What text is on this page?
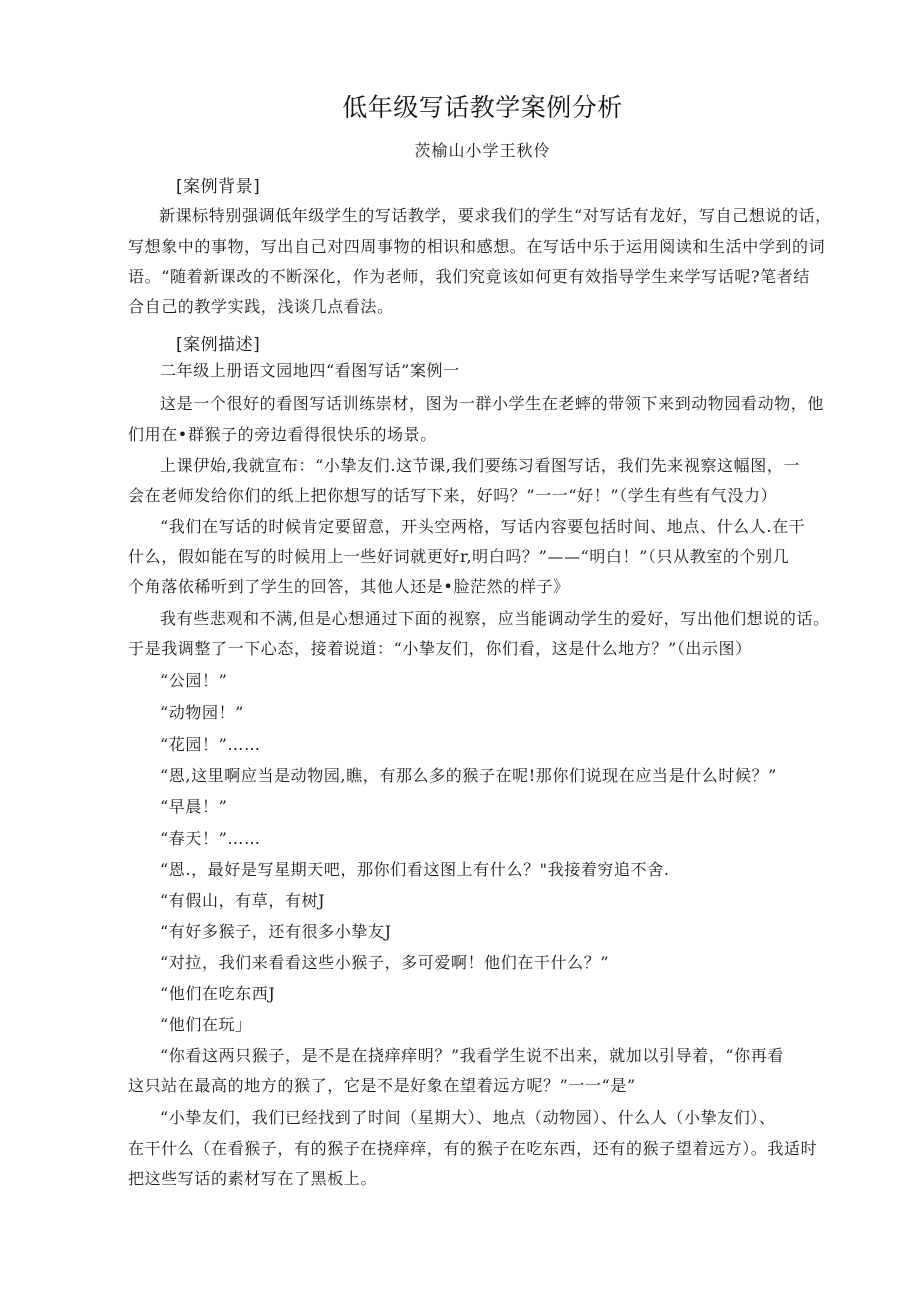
低年级写话教学案例分析
茨榆山小学王秋伶
[案例背景]
新课标特别强调低年级学生的写话教学，要求我们的学生“对写话有龙好，写自己想说的话，
写想象中的事物，写出自己对四周事物的相识和感想。在写话中乐于运用阅读和生活中学到的词
语。“随着新课改的不断深化，作为老师，我们究竟该如何更有效指导学生来学写话呢?笔者结
合自己的教学实践，浅谈几点看法。
[案例描述]
二年级上册语文园地四“看图写话”案例一
这是一个很好的看图写话训练崇材，图为一群小学生在老蟀的带领下来到动物园看动物，他
们用在•群猴子的旁边看得很快乐的场景。
上课伊始,我就宣布：“小挚友们.这节课,我们要练习看图写话，我们先来视察这幅图，一
会在老师发给你们的纸上把你想写的话写下来，好吗？”一一“好！”（学生有些有气没力）
“我们在写话的时候肯定要留意，开头空两格，写话内容要包括时间、地点、什么人.在干
什么，假如能在写的时候用上一些好词就更好r,明白吗？”——“明白！”（只从教室的个别几
个角落依稀听到了学生的回答，其他人还是•脸茫然的样子》
我有些悲观和不满,但是心想通过下面的视察，应当能调动学生的爱好，写出他们想说的话。
于是我调整了一下心态，接着说道：“小挚友们，你们看，这是什么地方？”（出示图）
“公园！”
“动物园！”
“花园！”……
“恩,这里啊应当是动物园,瞧，有那么多的猴子在呢!那你们说现在应当是什么时候？”
“早晨！”
“春天！”……
“恩.，最好是写星期天吧，那你们看这图上有什么？"我接着穷追不舍.
“有假山，有草，有树J
“有好多猴子，还有很多小挚友J
“对拉，我们来看看这些小猴子，多可爱啊！他们在干什么？”
“他们在吃东西J
“他们在玩」
“你看这两只猴子，是不是在挠痒痒明？”我看学生说不出来，就加以引导着，“你再看
这只站在最高的地方的猴了，它是不是好象在望着远方呢？”一一“是”
“小挚友们，我们已经找到了时间（星期大）、地点（动物园）、什么人（小挚友们）、
在干什么（在看猴子，有的猴子在挠痒痒，有的猴子在吃东西，还有的猴子望着远方）。我适时
把这些写话的素材写在了黑板上。
